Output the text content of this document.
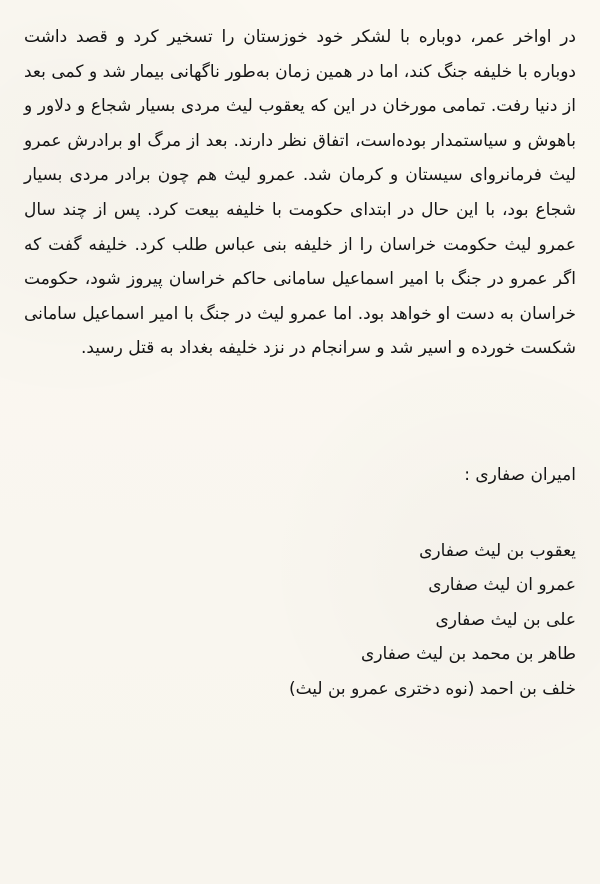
در اواخر عمر، دوباره با لشکر خود خوزستان را تسخیر کرد و قصد داشت دوباره با خلیفه جنگ کند، اما در همین زمان به‌طور ناگهانی بیمار شد و کمی بعد از دنیا رفت. تمامی مورخان در این که یعقوب لیث مردی بسیار شجاع و دلاور و باهوش و سیاستمدار بوده‌است، اتفاق نظر دارند. بعد از مرگ او برادرش عمرو لیث فرمانروای سیستان و کرمان شد. عمرو لیث هم چون برادر مردی بسیار شجاع بود، با این حال در ابتدای حکومت با خلیفه بیعت کرد. پس از چند سال عمرو لیث حکومت خراسان را از خلیفه بنی عباس طلب کرد. خلیفه گفت که اگر عمرو در جنگ با امیر اسماعیل سامانی حاکم خراسان پیروز شود، حکومت خراسان به دست او خواهد بود. اما عمرو لیث در جنگ با امیر اسماعیل سامانی شکست خورده و اسیر شد و سرانجام در نزد خلیفه بغداد به قتل رسید.

امیران صفاری :
یعقوب بن لیث صفاری
عمرو ان لیث صفاری
علی بن لیث صفاری
طاهر بن محمد بن لیث صفاری
خلف بن احمد (نوه دختری عمرو بن لیث)
